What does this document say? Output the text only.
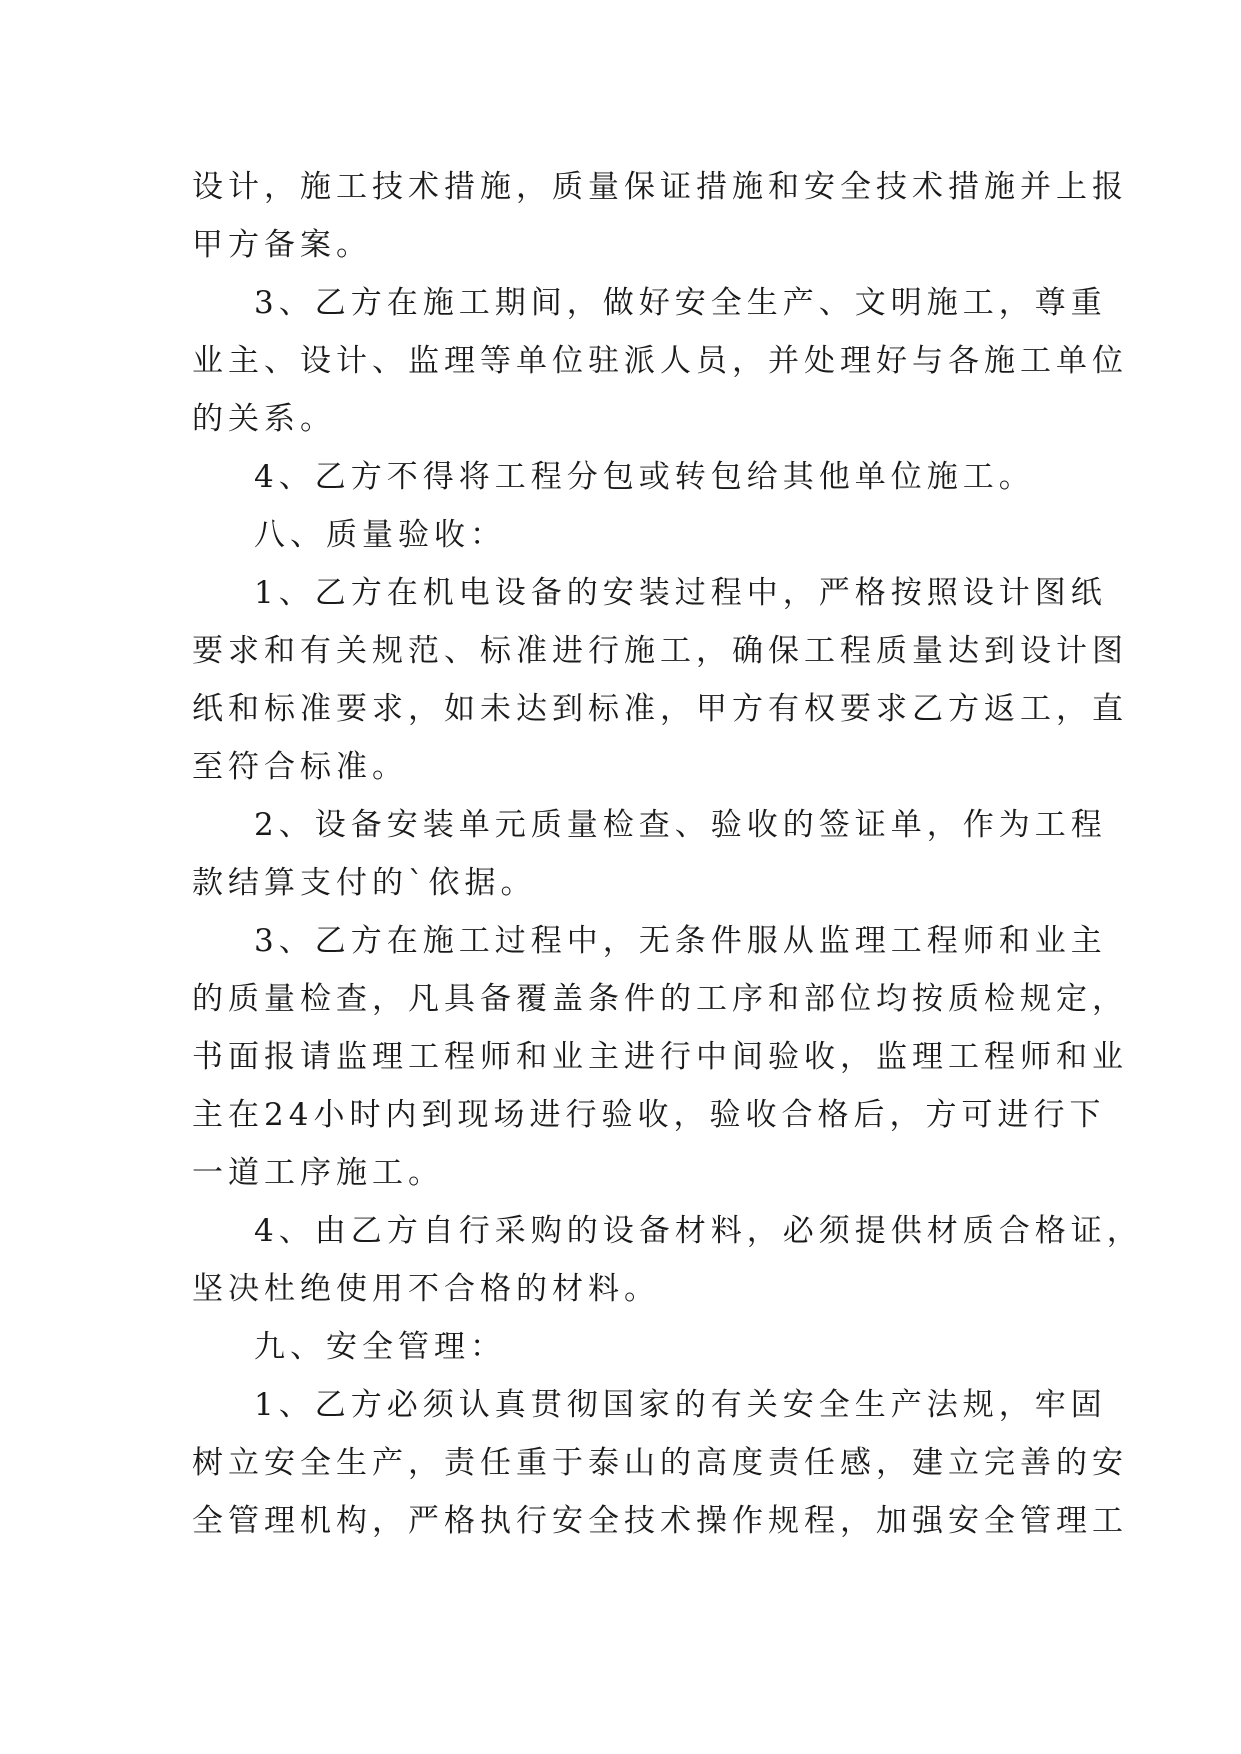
设计，施工技术措施，质量保证措施和安全技术措施并上报
甲方备案。
3、乙方在施工期间，做好安全生产、文明施工，尊重
业主、设计、监理等单位驻派人员，并处理好与各施工单位
的关系。
4、乙方不得将工程分包或转包给其他单位施工。
八、质量验收：
1、乙方在机电设备的安装过程中，严格按照设计图纸
要求和有关规范、标准进行施工，确保工程质量达到设计图
纸和标准要求，如未达到标准，甲方有权要求乙方返工，直
至符合标准。
2、设备安装单元质量检查、验收的签证单，作为工程
款结算支付的`依据。
3、乙方在施工过程中，无条件服从监理工程师和业主
的质量检查，凡具备覆盖条件的工序和部位均按质检规定，
书面报请监理工程师和业主进行中间验收，监理工程师和业
主在24小时内到现场进行验收，验收合格后，方可进行下
一道工序施工。
4、由乙方自行采购的设备材料，必须提供材质合格证，
坚决杜绝使用不合格的材料。
九、安全管理：
1、乙方必须认真贯彻国家的有关安全生产法规，牢固
树立安全生产，责任重于泰山的高度责任感，建立完善的安
全管理机构，严格执行安全技术操作规程，加强安全管理工
